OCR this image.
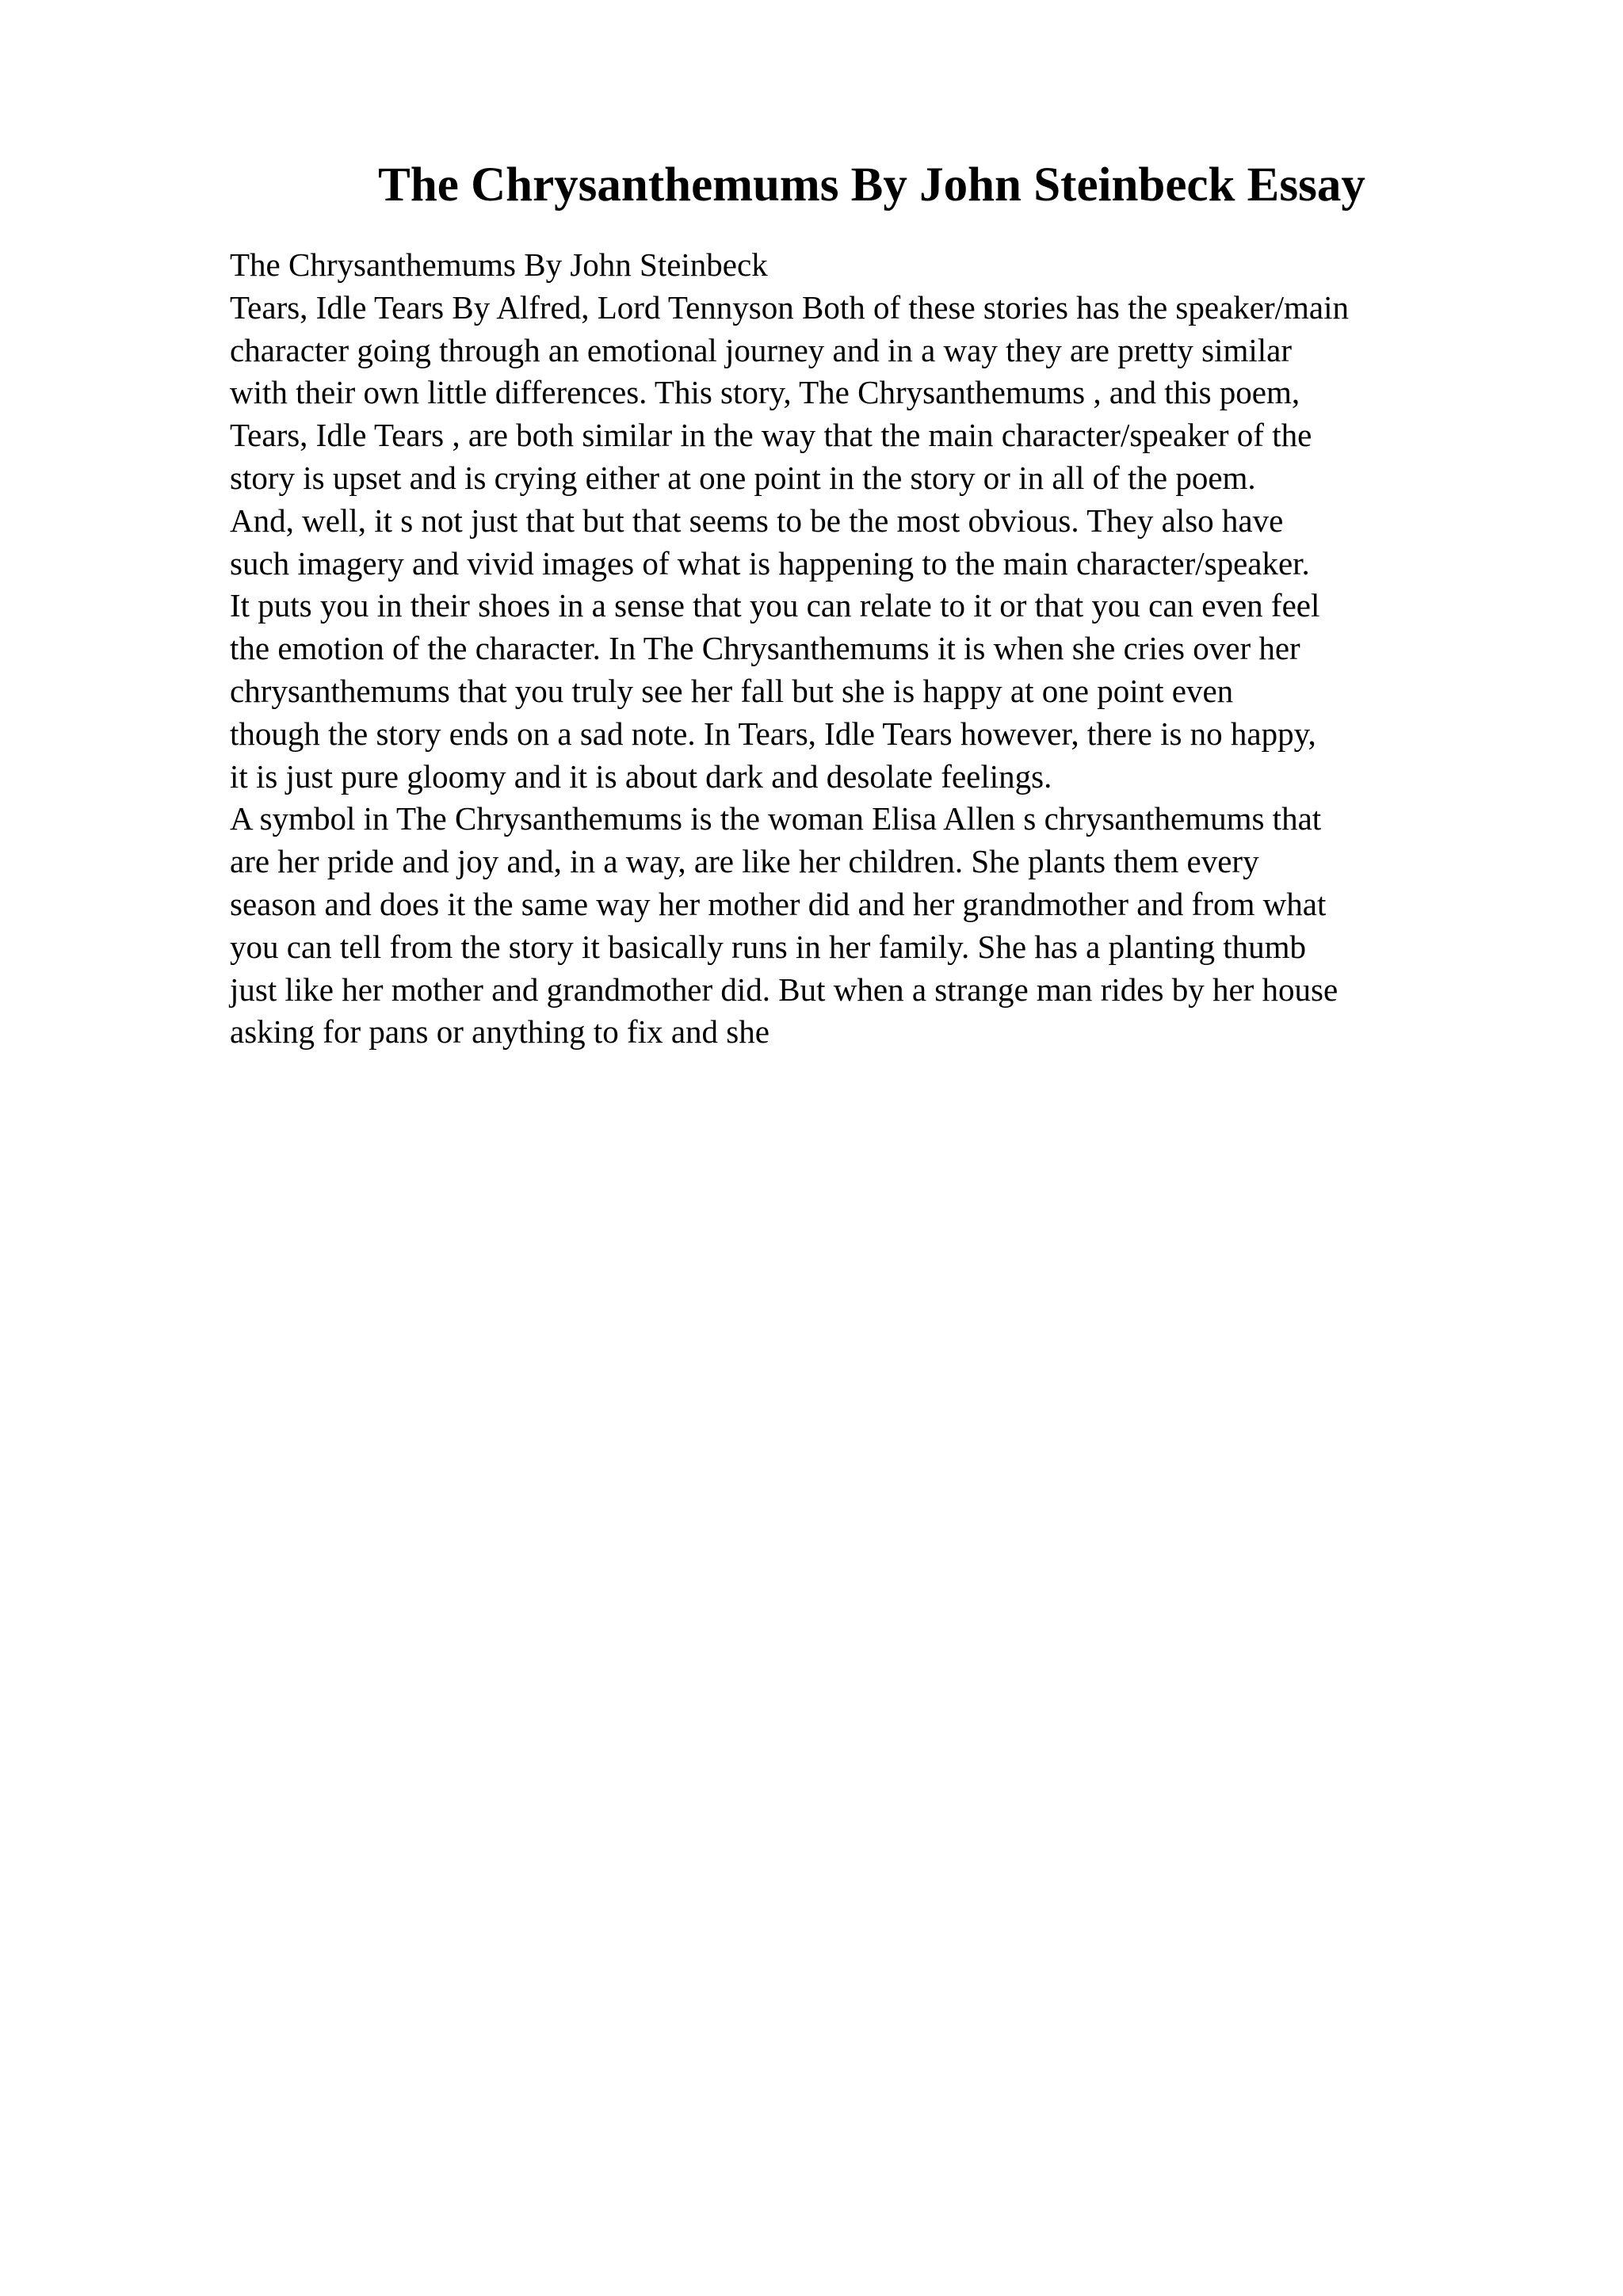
The Chrysanthemums By John Steinbeck Essay
The Chrysanthemums By John Steinbeck
Tears, Idle Tears By Alfred, Lord Tennyson Both of these stories has the speaker/main
character going through an emotional journey and in a way they are pretty similar
with their own little differences. This story, The Chrysanthemums , and this poem,
Tears, Idle Tears , are both similar in the way that the main character/speaker of the
story is upset and is crying either at one point in the story or in all of the poem.
And, well, it s not just that but that seems to be the most obvious. They also have
such imagery and vivid images of what is happening to the main character/speaker.
It puts you in their shoes in a sense that you can relate to it or that you can even feel
the emotion of the character. In The Chrysanthemums it is when she cries over her
chrysanthemums that you truly see her fall but she is happy at one point even
though the story ends on a sad note. In Tears, Idle Tears however, there is no happy,
it is just pure gloomy and it is about dark and desolate feelings.
A symbol in The Chrysanthemums is the woman Elisa Allen s chrysanthemums that
are her pride and joy and, in a way, are like her children. She plants them every
season and does it the same way her mother did and her grandmother and from what
you can tell from the story it basically runs in her family. She has a planting thumb
just like her mother and grandmother did. But when a strange man rides by her house
asking for pans or anything to fix and she
